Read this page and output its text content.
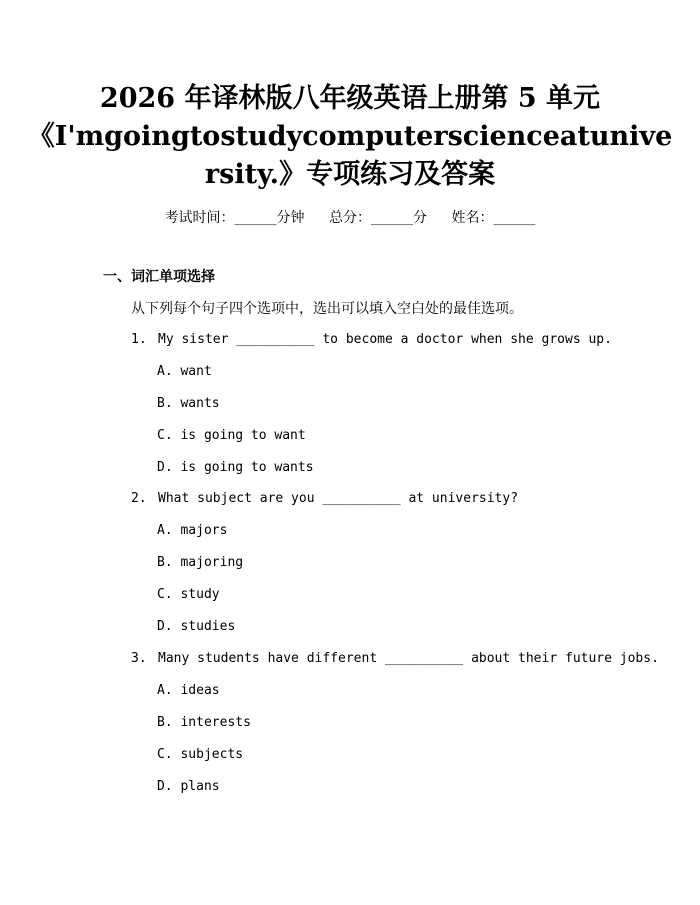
2026 年译林版八年级英语上册第 5 单元
《I'mgoingtostudycomputerscienceatunive
rsity.》专项练习及答案
考试时间：______分钟 总分：______分 姓名：______
一、词汇单项选择
从下列每个句子四个选项中，选出可以填入空白处的最佳选项。
1. My sister __________ to become a doctor when she grows up.
A. want
B. wants
C. is going to want
D. is going to wants
2. What subject are you __________ at university?
A. majors
B. majoring
C. study
D. studies
3. Many students have different __________ about their future jobs.
A. ideas
B. interests
C. subjects
D. plans
